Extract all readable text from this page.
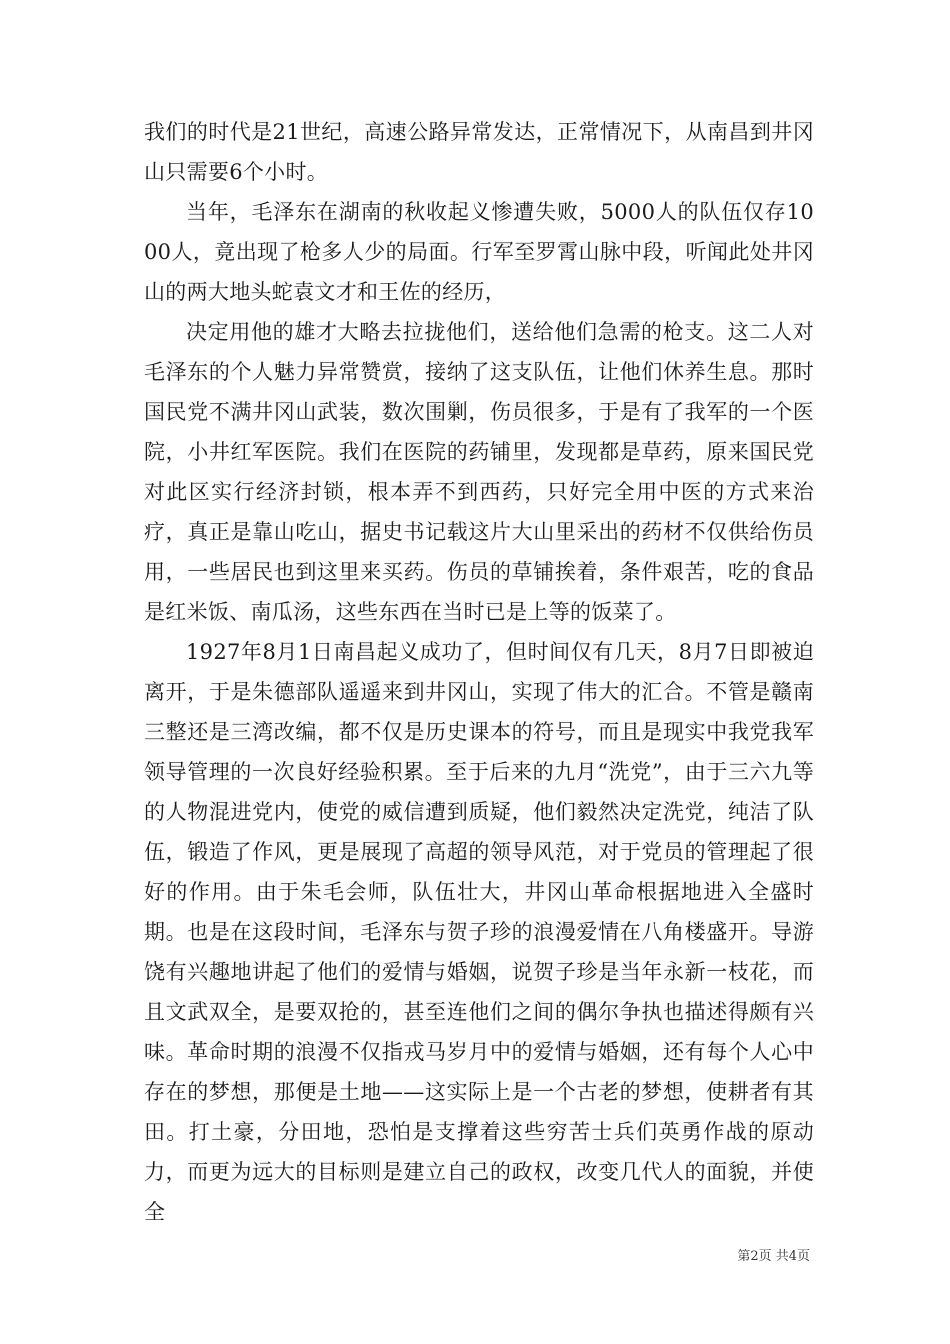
我们的时代是21世纪，高速公路异常发达，正常情况下，从南昌到井冈山只需要6个小时。

当年，毛泽东在湖南的秋收起义惨遭失败，5000人的队伍仅存1000人，竟出现了枪多人少的局面。行军至罗霄山脉中段，听闻此处井冈山的两大地头蛇袁文才和王佐的经历，

决定用他的雄才大略去拉拢他们，送给他们急需的枪支。这二人对毛泽东的个人魅力异常赞赏，接纳了这支队伍，让他们休养生息。那时国民党不满井冈山武装，数次围剿，伤员很多，于是有了我军的一个医院，小井红军医院。我们在医院的药铺里，发现都是草药，原来国民党对此区实行经济封锁，根本弄不到西药，只好完全用中医的方式来治疗，真正是靠山吃山，据史书记载这片大山里采出的药材不仅供给伤员用，一些居民也到这里来买药。伤员的草铺挨着，条件艰苦，吃的食品是红米饭、南瓜汤，这些东西在当时已是上等的饭菜了。

1927年8月1日南昌起义成功了，但时间仅有几天，8月7日即被迫离开，于是朱德部队遥遥来到井冈山，实现了伟大的汇合。不管是赣南三整还是三湾改编，都不仅是历史课本的符号，而且是现实中我党我军领导管理的一次良好经验积累。至于后来的九月“洗党”，由于三六九等的人物混进党内，使党的威信遭到质疑，他们毅然决定洗党，纯洁了队伍，锻造了作风，更是展现了高超的领导风范，对于党员的管理起了很好的作用。由于朱毛会师，队伍壮大，井冈山革命根据地进入全盛时期。也是在这段时间，毛泽东与贺子珍的浪漫爱情在八角楼盛开。导游饶有兴趣地讲起了他们的爱情与婚姻，说贺子珍是当年永新一枝花，而且文武双全，是要双抢的，甚至连他们之间的偶尔争执也描述得颇有兴味。革命时期的浪漫不仅指戎马岁月中的爱情与婚姻，还有每个人心中存在的梦想，那便是土地——这实际上是一个古老的梦想，使耕者有其田。打土豪，分田地，恐怕是支撑着这些穷苦士兵们英勇作战的原动力，而更为远大的目标则是建立自己的政权，改变几代人的面貌，并使全

第2页 共4页
